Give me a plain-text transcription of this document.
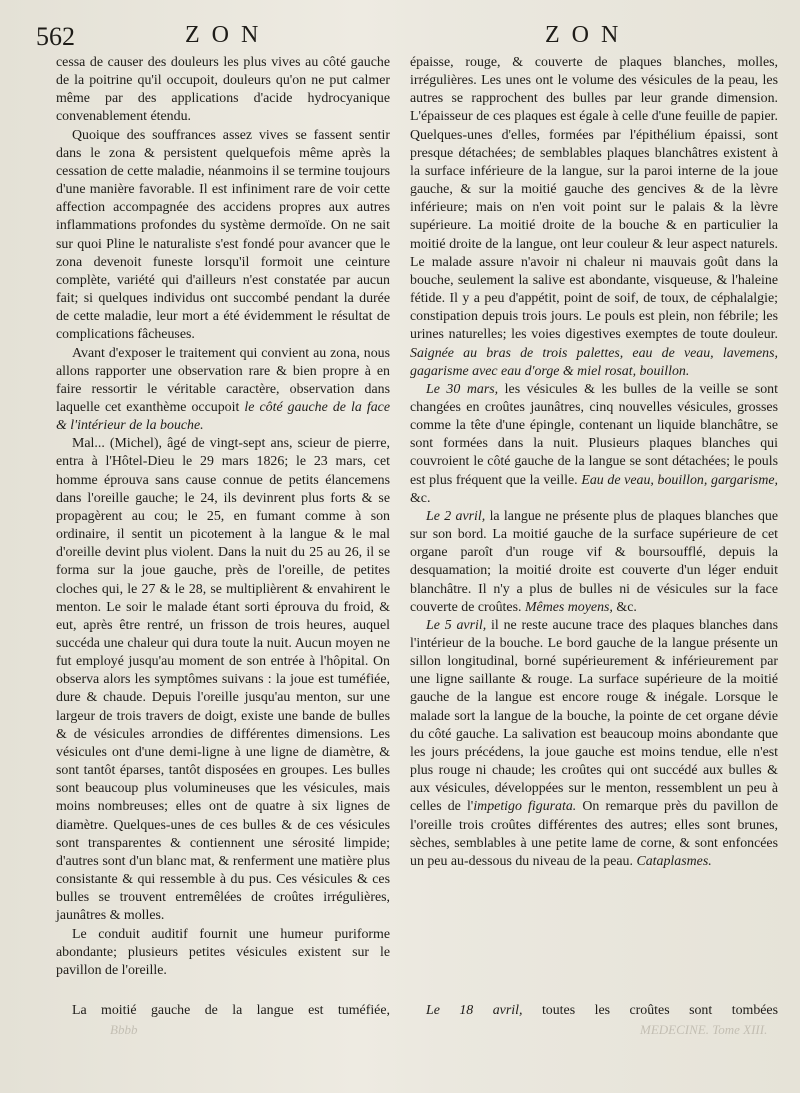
562	ZON	ZON

cessa de causer des douleurs les plus vives au côté gauche de la poitrine qu'il occupoit, douleurs qu'on ne put calmer même par des applications d'acide hydrocyanique convenablement étendu.

Quoique des souffrances assez vives se fassent sentir dans le zona & persistent quelquefois même après la cessation de cette maladie, néanmoins il se termine toujours d'une manière favorable. Il est infiniment rare de voir cette affection accompagnée des accidens propres aux autres inflammations profondes du système dermoïde. On ne sait sur quoi Pline le naturaliste s'est fondé pour avancer que le zona devenoit funeste lorsqu'il formoit une ceinture complète, variété qui d'ailleurs n'est constatée par aucun fait; si quelques individus ont succombé pendant la durée de cette maladie, leur mort a été évidemment le résultat de complications fâcheuses.

Avant d'exposer le traitement qui convient au zona, nous allons rapporter une observation rare & bien propre à en faire ressortir le véritable caractère, observation dans laquelle cet exanthème occupoit le côté gauche de la face & l'intérieur de la bouche.

Mal... (Michel), âgé de vingt-sept ans, scieur de pierre, entra à l'Hôtel-Dieu le 29 mars 1826; le 23 mars, cet homme éprouva sans cause connue de petits élancemens dans l'oreille gauche; le 24, ils devinrent plus forts & se propagèrent au cou; le 25, en fumant comme à son ordinaire, il sentit un picotement à la langue & le mal d'oreille devint plus violent. Dans la nuit du 25 au 26, il se forma sur la joue gauche, près de l'oreille, de petites cloches qui, le 27 & le 28, se multiplièrent & envahirent le menton. Le soir le malade étant sorti éprouva du froid, & eut, après être rentré, un frisson de trois heures, auquel succéda une chaleur qui dura toute la nuit. Aucun moyen ne fut employé jusqu'au moment de son entrée à l'hôpital. On observa alors les symptômes suivans : la joue est tuméfiée, dure & chaude. Depuis l'oreille jusqu'au menton, sur une largeur de trois travers de doigt, existe une bande de bulles & de vésicules arrondies de différentes dimensions. Les vésicules ont d'une demi-ligne à une ligne de diamètre, & sont tantôt éparses, tantôt disposées en groupes. Les bulles sont beaucoup plus volumineuses que les vésicules, mais moins nombreuses; elles ont de quatre à six lignes de diamètre. Quelques-unes de ces bulles & de ces vésicules sont transparentes & contiennent une sérosité limpide; d'autres sont d'un blanc mat, & renferment une matière plus consistante & qui ressemble à du pus. Ces vésicules & ces bulles se trouvent entremêlées de croûtes irrégulières, jaunâtres & molles.

Le conduit auditif fournit une humeur puriforme abondante; plusieurs petites vésicules existent sur le pavillon de l'oreille.

La moitié gauche de la langue est tuméfiée,

épaisse, rouge, & couverte de plaques blanches, molles, irrégulières. Les unes ont le volume des vésicules de la peau, les autres se rapprochent des bulles par leur grande dimension. L'épaisseur de ces plaques est égale à celle d'une feuille de papier. Quelques-unes d'elles, formées par l'épithélium épaissi, sont presque détachées; de semblables plaques blanchâtres existent à la surface inférieure de la langue, sur la paroi interne de la joue gauche, & sur la moitié gauche des gencives & de la lèvre inférieure; mais on n'en voit point sur le palais & la lèvre supérieure. La moitié droite de la bouche & en particulier la moitié droite de la langue, ont leur couleur & leur aspect naturels. Le malade assure n'avoir ni chaleur ni mauvais goût dans la bouche, seulement la salive est abondante, visqueuse, & l'haleine fétide. Il y a peu d'appétit, point de soif, de toux, de céphalalgie; constipation depuis trois jours. Le pouls est plein, non fébrile; les urines naturelles; les voies digestives exemptes de toute douleur. Saignée au bras de trois palettes, eau de veau, lavemens, gagarisme avec eau d'orge & miel rosat, bouillon.

Le 30 mars, les vésicules & les bulles de la veille se sont changées en croûtes jaunâtres, cinq nouvelles vésicules, grosses comme la tête d'une épingle, contenant un liquide blanchâtre, se sont formées dans la nuit. Plusieurs plaques blanches qui couvroient le côté gauche de la langue se sont détachées; le pouls est plus fréquent que la veille. Eau de veau, bouillon, gargarisme, &c.

Le 2 avril, la langue ne présente plus de plaques blanches que sur son bord. La moitié gauche de la surface supérieure de cet organe paroît d'un rouge vif & boursoufflé, depuis la desquamation; la moitié droite est couverte d'un léger enduit blanchâtre. Il n'y a plus de bulles ni de vésicules sur la face couverte de croûtes. Mêmes moyens, &c.

Le 5 avril, il ne reste aucune trace des plaques blanches dans l'intérieur de la bouche. Le bord gauche de la langue présente un sillon longitudinal, borné supérieurement & inférieurement par une ligne saillante & rouge. La surface supérieure de la moitié gauche de la langue est encore rouge & inégale. Lorsque le malade sort la langue de la bouche, la pointe de cet organe dévie du côté gauche. La salivation est beaucoup moins abondante que les jours précédens, la joue gauche est moins tendue, elle n'est plus rouge ni chaude; les croûtes qui ont succédé aux bulles & aux vésicules, développées sur le menton, ressemblent un peu à celles de l'impetigo figurata. On remarque près du pavillon de l'oreille trois croûtes différentes des autres; elles sont brunes, sèches, semblables à une petite lame de corne, & sont enfoncées un peu au-dessous du niveau de la peau. Cataplasmes.

Le 18 avril, toutes les croûtes sont tombées

Bbbb	MEDECINE. Tome XIII.
